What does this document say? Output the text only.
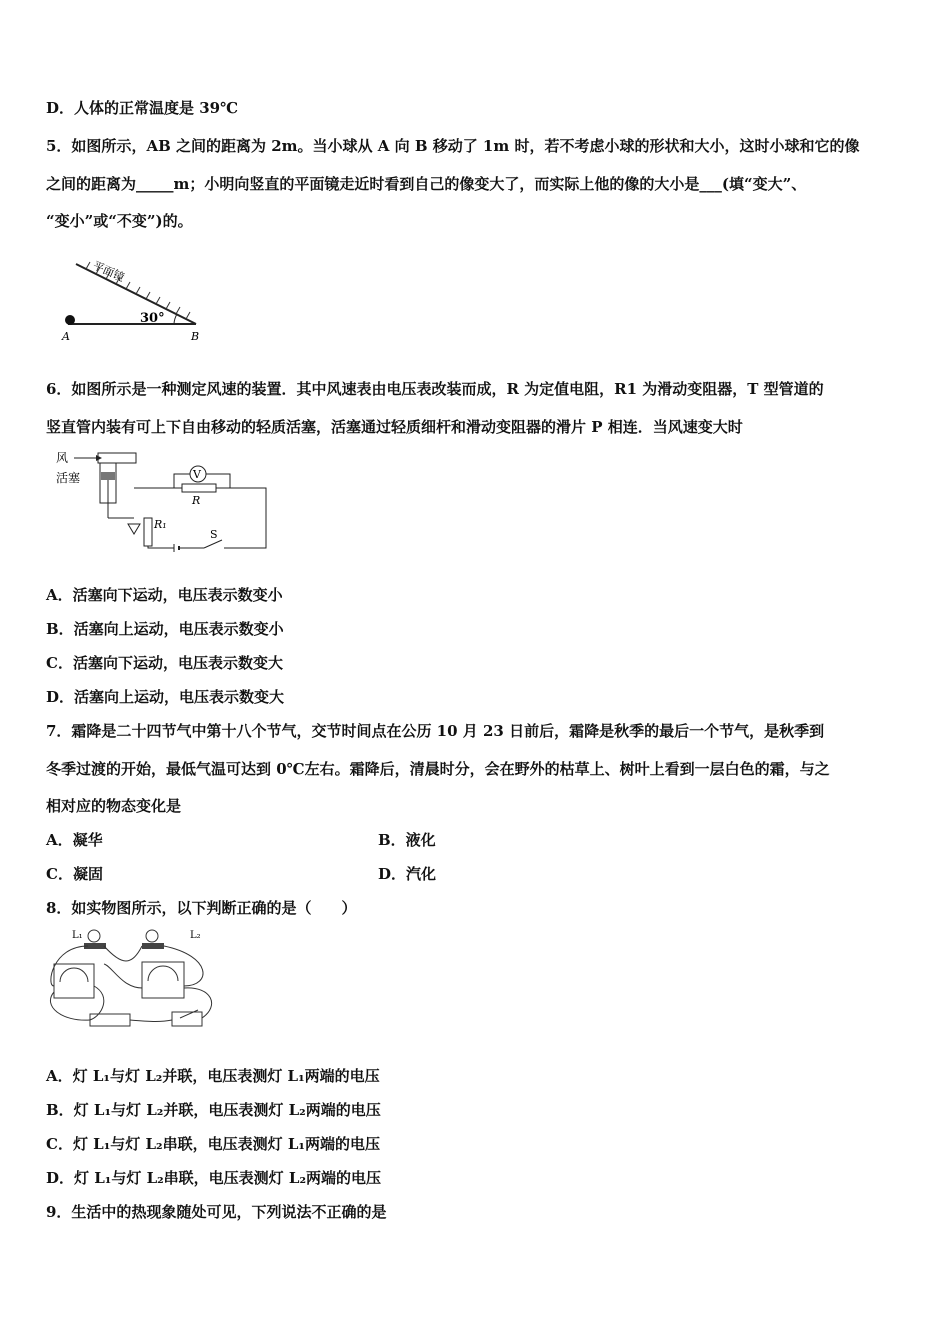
D．人体的正常温度是 39℃
5．如图所示，AB 之间的距离为 2m。当小球从 A 向 B 移动了 1m 时，若不考虑小球的形状和大小，这时小球和它的像
之间的距离为_____m；小明向竖直的平面镜走近时看到自己的像变大了，而实际上他的像的大小是___(填“变大”、
“变小”或“不变”)的。
平面镜
30°
A	B
6．如图所示是一种测定风速的装置．其中风速表由电压表改装而成，R 为定值电阻，R1 为滑动变阻器，T 型管道的
竖直管内装有可上下自由移动的轻质活塞，活塞通过轻质细杆和滑动变阻器的滑片 P 相连．当风速变大时
风
活塞
R₁
V
R
S
A．活塞向下运动，电压表示数变小
B．活塞向上运动，电压表示数变小
C．活塞向下运动，电压表示数变大
D．活塞向上运动，电压表示数变大
7．霜降是二十四节气中第十八个节气，交节时间点在公历 10 月 23 日前后，霜降是秋季的最后一个节气，是秋季到
冬季过渡的开始，最低气温可达到 0℃左右。霜降后，清晨时分，会在野外的枯草上、树叶上看到一层白色的霜，与之
相对应的物态变化是
A．凝华	B．液化
C．凝固	D．汽化
8．如实物图所示，以下判断正确的是（　　）
L₁	L₂
A．灯 L₁与灯 L₂并联，电压表测灯 L₁两端的电压
B．灯 L₁与灯 L₂并联，电压表测灯 L₂两端的电压
C．灯 L₁与灯 L₂串联，电压表测灯 L₁两端的电压
D．灯 L₁与灯 L₂串联，电压表测灯 L₂两端的电压
9．生活中的热现象随处可见，下列说法不正确的是
